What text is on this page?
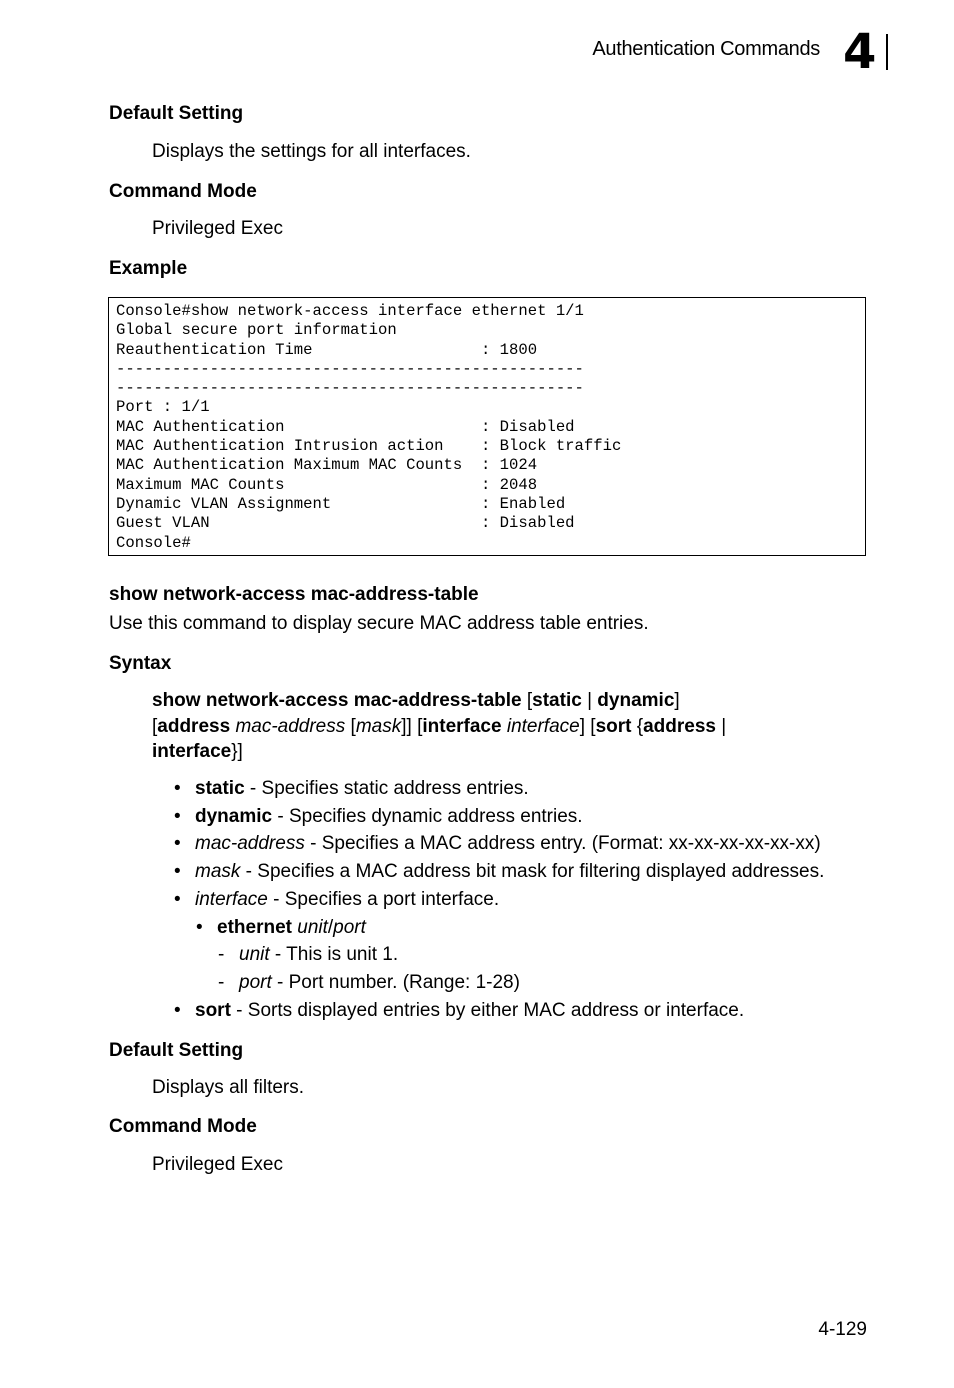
Authentication Commands 4
Default Setting
Displays the settings for all interfaces.
Command Mode
Privileged Exec
Example
Console#show network-access interface ethernet 1/1
Global secure port information
Reauthentication Time                  : 1800
--------------------------------------------------
--------------------------------------------------
Port : 1/1
MAC Authentication                     : Disabled
MAC Authentication Intrusion action    : Block traffic
MAC Authentication Maximum MAC Counts  : 1024
Maximum MAC Counts                     : 2048
Dynamic VLAN Assignment                : Enabled
Guest VLAN                             : Disabled
Console#
show network-access mac-address-table
Use this command to display secure MAC address table entries.
Syntax
show network-access mac-address-table [static | dynamic]
[address mac-address [mask]] [interface interface] [sort {address |
interface}]
• static - Specifies static address entries.
• dynamic - Specifies dynamic address entries.
• mac-address - Specifies a MAC address entry. (Format: xx-xx-xx-xx-xx-xx)
• mask - Specifies a MAC address bit mask for filtering displayed addresses.
• interface - Specifies a port interface.
• ethernet unit/port
- unit - This is unit 1.
- port - Port number. (Range: 1-28)
• sort - Sorts displayed entries by either MAC address or interface.
Default Setting
Displays all filters.
Command Mode
Privileged Exec
4-129
